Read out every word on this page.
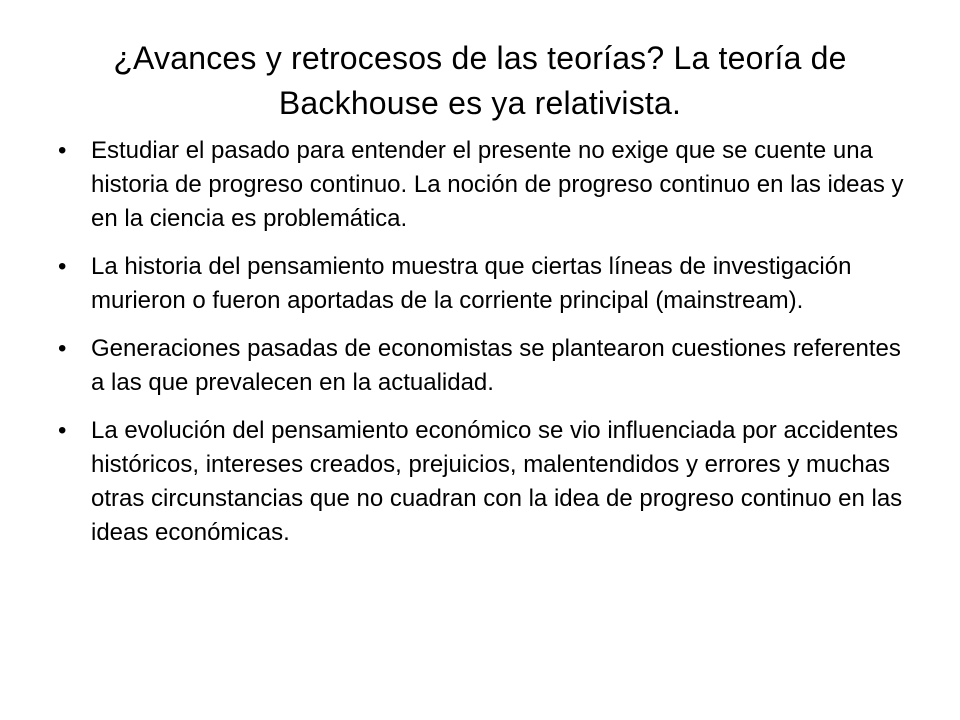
¿Avances y retrocesos de las teorías? La teoría de Backhouse es ya relativista.
•	Estudiar el pasado para entender el presente no exige que se cuente una historia de progreso continuo. La noción de progreso continuo en las ideas y en la ciencia es problemática.
•	La historia del pensamiento muestra que ciertas líneas de investigación murieron o fueron aportadas de la corriente principal (mainstream).
•	Generaciones pasadas de economistas se plantearon cuestiones referentes a las que prevalecen en la actualidad.
•	La evolución del pensamiento económico se vio influenciada por accidentes históricos, intereses creados, prejuicios, malentendidos y errores y muchas otras circunstancias que no cuadran con la idea de progreso continuo en las ideas económicas.
